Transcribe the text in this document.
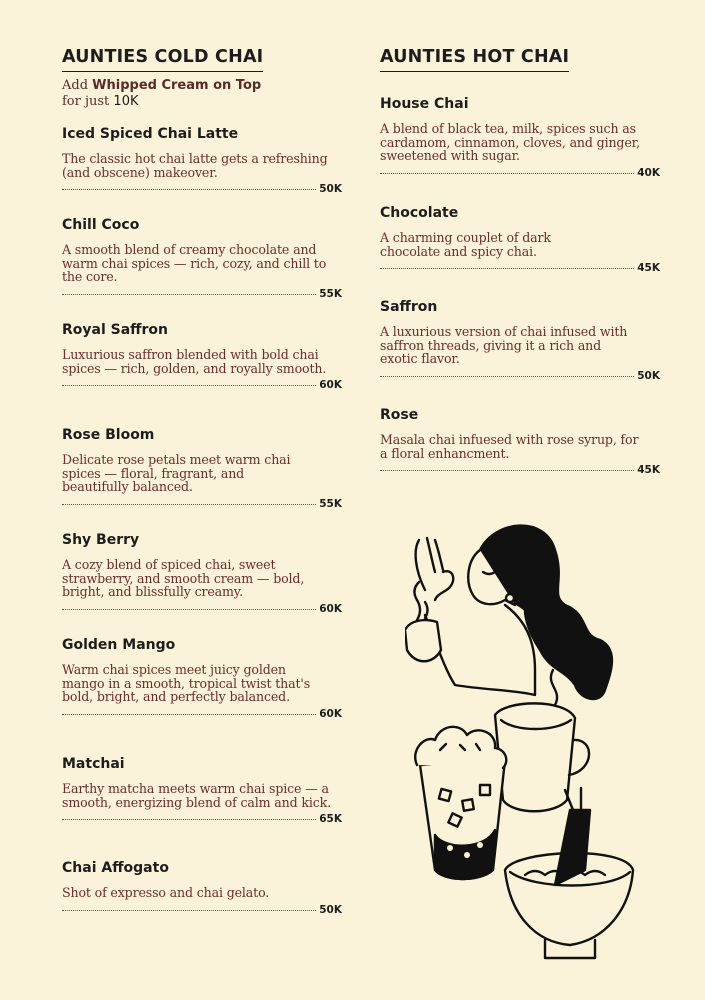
AUNTIES COLD CHAI
Add Whipped Cream on Top
for just 10K

Iced Spiced Chai Latte

The classic hot chai latte gets a refreshing (and obscene) makeover.

50K

Chill Coco

A smooth blend of creamy chocolate and warm chai spices — rich, cozy, and chill to the core.

55K

Royal Saffron

Luxurious saffron blended with bold chai spices — rich, golden, and royally smooth.

60K

Rose Bloom

Delicate rose petals meet warm chai spices — floral, fragrant, and beautifully balanced.

55K

Shy Berry

A cozy blend of spiced chai, sweet strawberry, and smooth cream — bold, bright, and blissfully creamy.

60K

Golden Mango

Warm chai spices meet juicy golden mango in a smooth, tropical twist that's bold, bright, and perfectly balanced.

60K

Matchai

Earthy matcha meets warm chai spice — a smooth, energizing blend of calm and kick.

65K

Chai Affogato

Shot of expresso and chai gelato.

50K
AUNTIES HOT CHAI

House Chai

A blend of black tea, milk, spices such as cardamom, cinnamon, cloves, and ginger, sweetened with sugar.

40K

Chocolate

A charming couplet of dark chocolate and spicy chai.

45K

Saffron

A luxurious version of chai infused with saffron threads, giving it a rich and exotic flavor.

50K

Rose

Masala chai infuesed with rose syrup, for a floral enhancment.

45K
